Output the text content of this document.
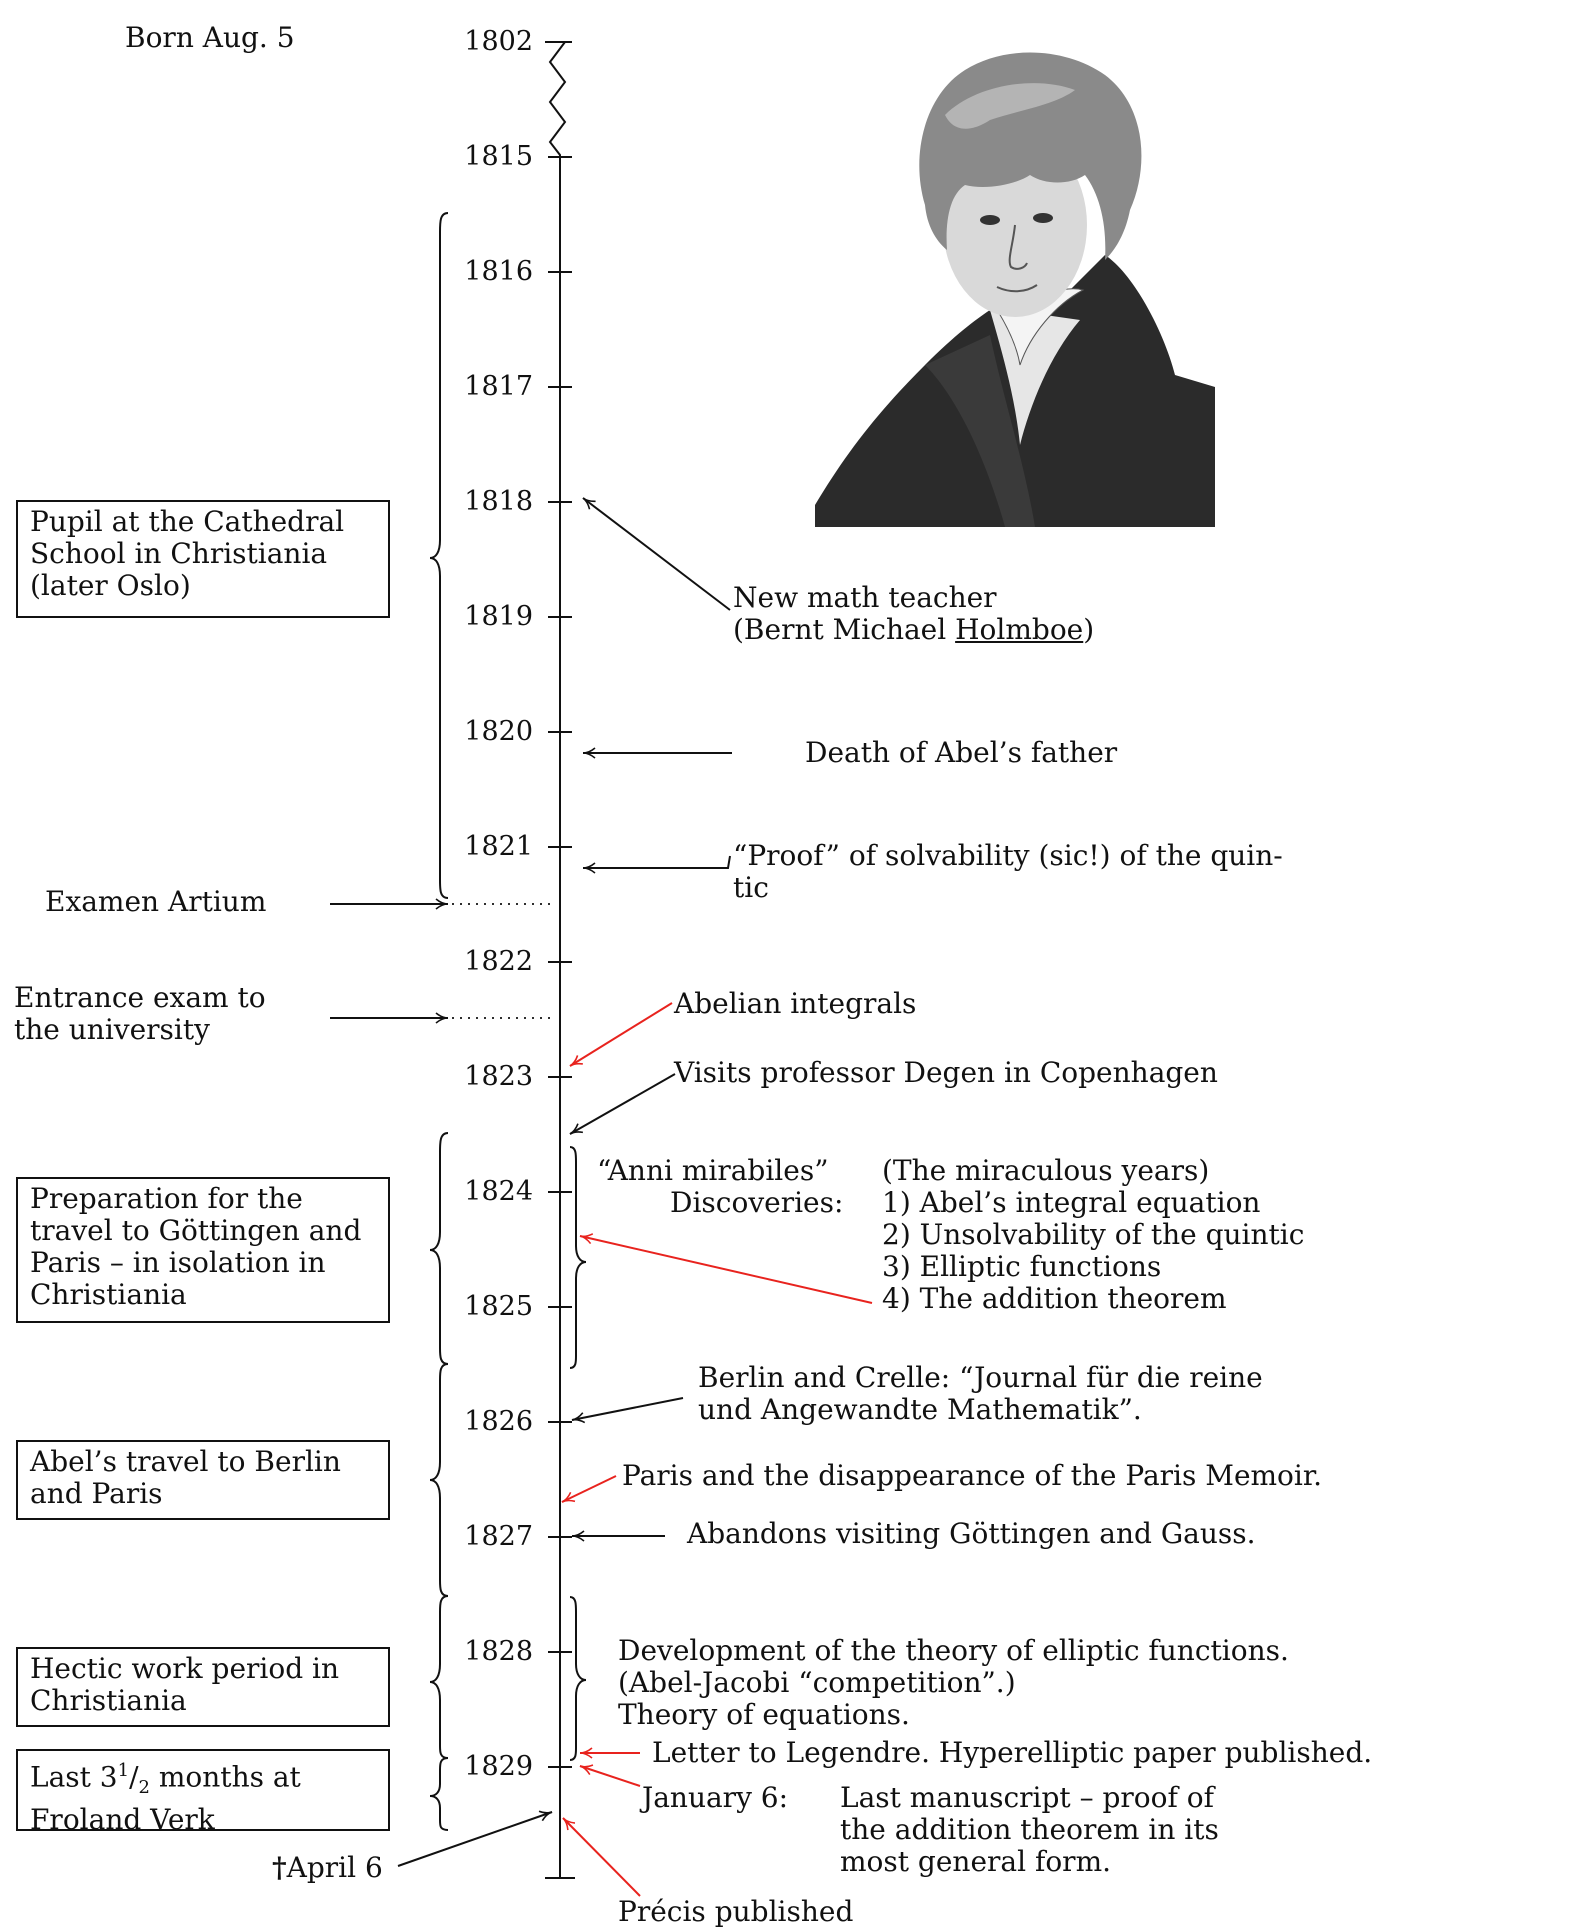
1802
1815
1816
1817
1818
1819
1820
1821
1822
1823
1824
1825
1826
1827
1828
1829
Born Aug. 5
Examen Artium
Entrance exam to
the university
†April 6
Pupil at the Cathedral
School in Christiania
(later Oslo)
Preparation for the
travel to Göttingen and
Paris – in isolation in
Christiania
Abel’s travel to Berlin
and Paris
Hectic work period in
Christiania
Last $3^1/_2$ months at
Froland Verk
New math teacher
(Bernt Michael Holmboe)
Death of Abel’s father
“Proof” of solvability (sic!) of the quin-
tic
Abelian integrals
Visits professor Degen in Copenhagen
“Anni mirabiles”
Discoveries:
(The miraculous years)
1) Abel’s integral equation
2) Unsolvability of the quintic
3) Elliptic functions
4) The addition theorem
Berlin and Crelle: “Journal für die reine
und Angewandte Mathematik”.
Paris and the disappearance of the Paris Memoir.
Abandons visiting Göttingen and Gauss.
Development of the theory of elliptic functions.
(Abel-Jacobi “competition”.)
Theory of equations.
Letter to Legendre. Hyperelliptic paper published.
January 6: Last manuscript – proof of
the addition theorem in its
most general form.
Précis published
